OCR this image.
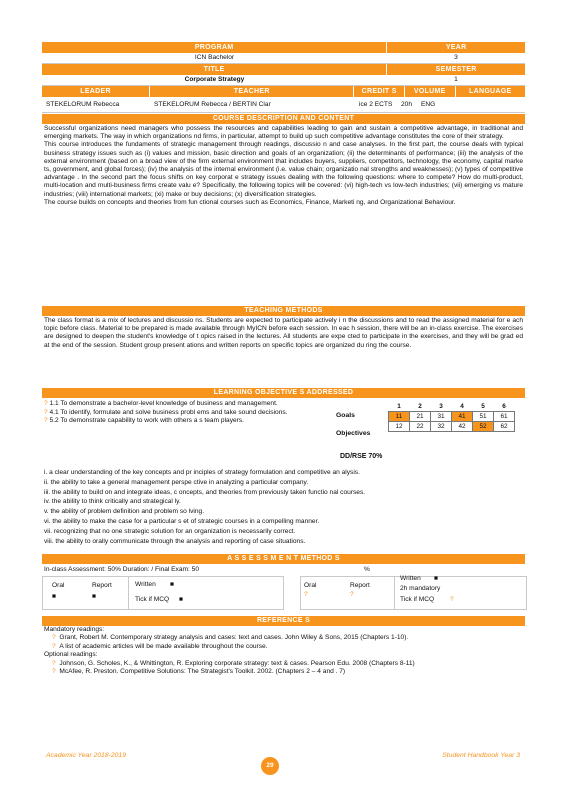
PROGRAM	YEAR
ICN Bachelor	3
TITLE	SEMESTER
Corporate Strategy	1
LEADER	TEACHER	CREDIT S	VOLUME	LANGUAGE
STEKELORUM Rebecca	STEKELORUM Rebecca / BERTIN Clar	ice 2 ECTS	20h	ENG
COURSE DESCRIPTION AND CONTENT

Successful organizations need managers who possess the resources and capabilities leading to gain and sustain a competitive advantage, in traditional and emerging markets. The way in which organizations nd firms, in particular, attempt to build up such competitive advantage constitutes the core of their strategy.

This course introduces the fundaments of strategic management through readings, discussio n and case analyses. In the first part, the course deals with typical business strategy issues such as (i) values and mission, basic direction and goals of an organization; (ii) the determinants of performance; (iii) the analysis of the external environment (based on a broad view of the firm external environment that includes buyers, suppliers, competitors, technology, the economy, capital marke ts, government, and global forces); (iv) the analysis of the internal environment (i.e. value chain; organizatio nal strengths and weaknesses); (v) types of competitive advantage . In the second part the focus shifts on key corporat e strategy issues dealing with the following questions: where to compete? How do multi-product, multi-location and multi-business firms create valu e? Specifically, the following topics will be covered: (vi) high-tech vs low-tech industries; (vii) emerging vs mature industries; (viii) international markets; (xi) make or buy decisions; (x) diversification strategies.

The course builds on concepts and theories from fun ctional courses such as Economics, Finance, Marketi ng, and Organizational Behaviour.

TEACHING METHODS
The class format is a mix of lectures and discussio ns. Students are expected to participate actively i n the discussions and to read the assigned material for e ach topic before class. Material to be prepared is made available through MyICN before each session. In eac h session, there will be an in-class exercise. The exercises are designed to deepen the student's knowledge of t opics raised in the lectures. All students are expe cted to participate in the exercises, and they will be grad ed at the end of the session. Student group present ations and written reports on specific topics are organized du ring the course.
LEARNING OBJECTIVE S ADDRESSED
? 1.1 To demonstrate a bachelor-level knowledge of business and management.
? 4.1 To identify, formulate and solve business probl ems and take sound decisions.
? 5.2 To demonstrate capability to work with others a s team players.
Goals
Objectives
1	2	3	4	5	6
11	21	31	41	51	61
12	22	32	42	52	62
DD/RSE 70%
i. a clear understanding of the key concepts and pr inciples of strategy formulation and competitive an alysis.
ii. the ability to take a general management perspe ctive in analyzing a particular company.
iii. the ability to build on and integrate ideas, c oncepts, and theories from previously taken functio nal courses.
iv. the ability to think critically and strategical ly.
v. the ability of problem definition and problem so lving.
vi. the ability to make the case for a particular s et of strategic courses in a compelling manner.
vii. recognizing that no one strategic solution for an organization is necessarily correct.
viii. the ability to orally communicate through the analysis and reporting of case situations.
A S S E S S M E N T METHOD S
In-class Assessment: 50% Duration: / Final Exam: 50	%
Oral
■
Report
■
Written ■
Tick if MCQ ■
Oral
?
Report
?
Written ■
2h mandatory
Tick if MCQ ?
REFERENCE S
Mandatory readings:
?  Grant, Robert M. Contemporary strategy analysis and cases: text and cases. John Wiley & Sons, 2015 (Chapters 1-10).
?  A list of academic articles will be made available throughout the course.
Optional readings:
?  Johnson, G. Scholes, K., & Whittington, R. Exploring corporate strategy: text & cases. Pearson Edu. 2008 (Chapters 8-11)
?  McAfee, R. Preston. Competitive Solutions: The Strategist's Toolkit. 2002. (Chapters 2 – 4 and . 7)
Academic Year 2018-2019	Student Handbook Year 3
29
